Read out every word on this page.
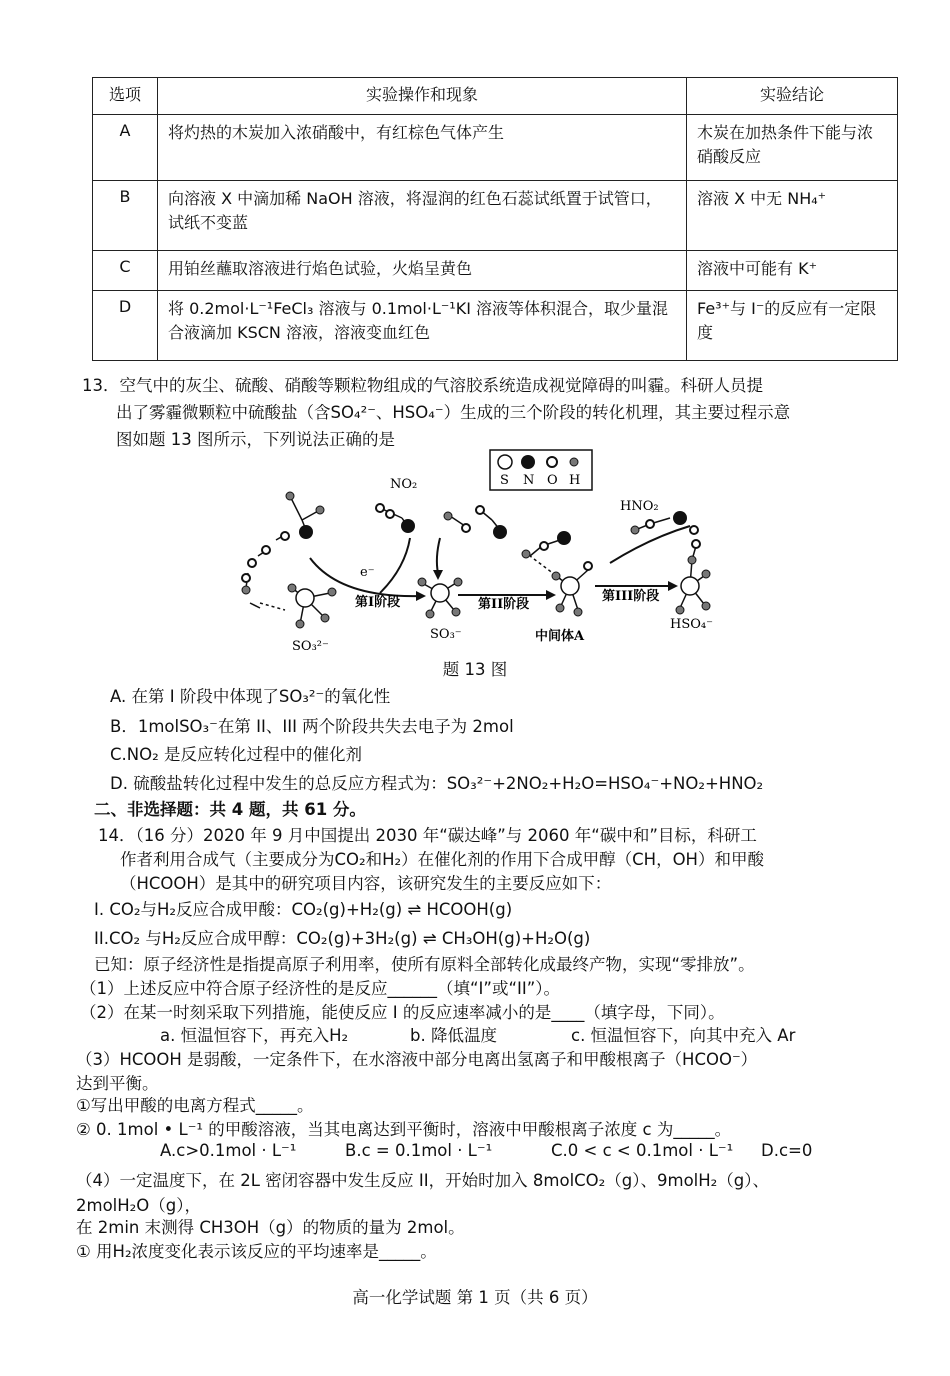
选项	实验操作和现象	实验结论
A	将灼热的木炭加入浓硝酸中，有红棕色气体产生	木炭在加热条件下能与浓硝酸反应
B	向溶液 X 中滴加稀 NaOH 溶液，将湿润的红色石蕊试纸置于试管口，试纸不变蓝	溶液 X 中无 NH₄⁺
C	用铂丝蘸取溶液进行焰色试验，火焰呈黄色	溶液中可能有 K⁺
D	将 0.2mol·L⁻¹FeCl₃ 溶液与 0.1mol·L⁻¹KI 溶液等体积混合，取少量混合液滴加 KSCN 溶液，溶液变血红色	Fe³⁺与 I⁻的反应有一定限度
13．空气中的灰尘、硫酸、硝酸等颗粒物组成的气溶胶系统造成视觉障碍的叫霾。科研人员提
出了雾霾微颗粒中硫酸盐（含SO₄²⁻、HSO₄⁻）生成的三个阶段的转化机理，其主要过程示意
图如题 13 图所示，下列说法正确的是
S N O H
SO₃²⁻
NO₂
e⁻
第I阶段
SO₃⁻
第II阶段
中间体A
HNO₂
第III阶段
HSO₄⁻
题 13 图
A. 在第 I 阶段中体现了SO₃²⁻的氧化性
B．1molSO₃⁻在第 II、III 两个阶段共失去电子为 2mol
C.NO₂ 是反应转化过程中的催化剂
D. 硫酸盐转化过程中发生的总反应方程式为：SO₃²⁻+2NO₂+H₂O=HSO₄⁻+NO₂+HNO₂
二、非选择题：共 4 题，共 61 分。
14．（16 分）2020 年 9 月中国提出 2030 年“碳达峰”与 2060 年“碳中和”目标，科研工
作者利用合成气（主要成分为CO₂和H₂）在催化剂的作用下合成甲醇（CH，OH）和甲酸
（HCOOH）是其中的研究项目内容，该研究发生的主要反应如下：
I. CO₂与H₂反应合成甲酸：CO₂(g)+H₂(g) ⇌ HCOOH(g)
II.CO₂ 与H₂反应合成甲醇：CO₂(g)+3H₂(g) ⇌ CH₃OH(g)+H₂O(g)
已知：原子经济性是指提高原子利用率，使所有原料全部转化成最终产物，实现“零排放”。
（1）上述反应中符合原子经济性的是反应______（填“I”或“II”）。
（2）在某一时刻采取下列措施，能使反应 I 的反应速率减小的是____（填字母，下同）。
a. 恒温恒容下，再充入H₂	b. 降低温度	c. 恒温恒容下，向其中充入 Ar
（3）HCOOH 是弱酸，一定条件下，在水溶液中部分电离出氢离子和甲酸根离子（HCOO⁻）
达到平衡。
①写出甲酸的电离方程式_____。
② 0. 1mol • L⁻¹ 的甲酸溶液，当其电离达到平衡时，溶液中甲酸根离子浓度 c 为_____。
A.c>0.1mol · L⁻¹	B.c = 0.1mol · L⁻¹	C.0 < c < 0.1mol · L⁻¹ D.c=0
（4）一定温度下，在 2L 密闭容器中发生反应 II，开始时加入 8molCO₂（g）、9molH₂（g）、
2molH₂O（g），
在 2min 末测得 CH3OH（g）的物质的量为 2mol。
① 用H₂浓度变化表示该反应的平均速率是_____。
高一化学试题 第 1 页（共 6 页）
